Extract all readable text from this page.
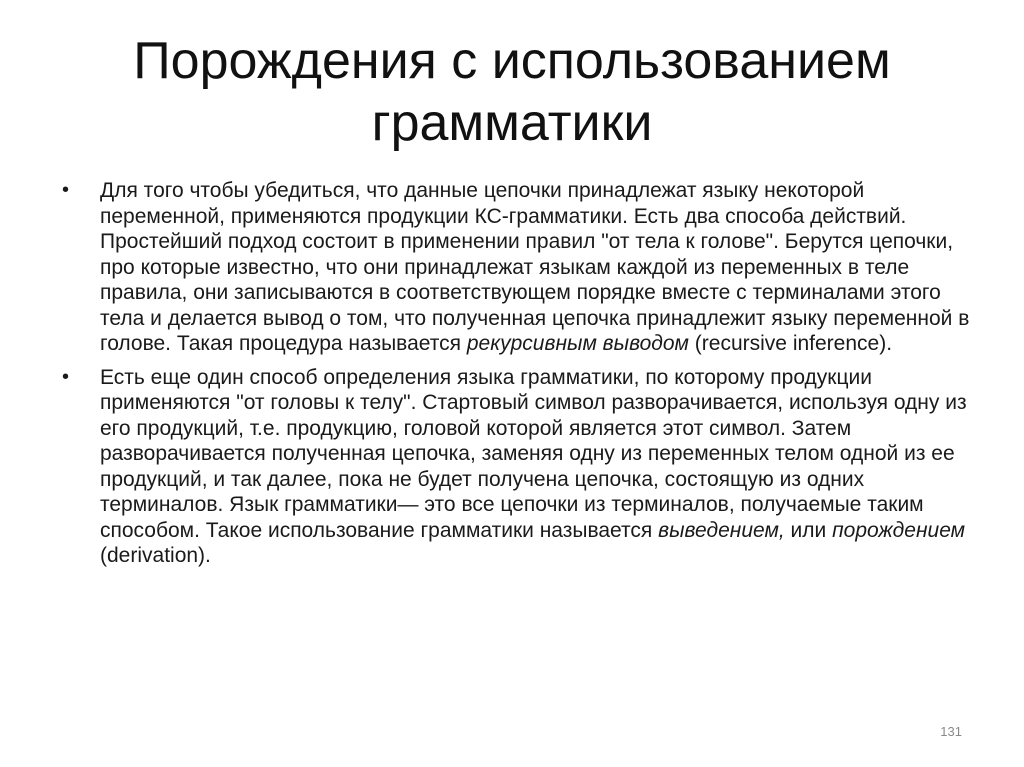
Порождения с использованием
грамматики
• Для того чтобы убедиться, что данные цепочки принадлежат языку некоторой переменной, применяются продукции КС-грамматики. Есть два способа действий. Простейший подход состоит в применении правил "от тела к голове". Берутся цепочки, про которые известно, что они принадлежат языкам каждой из переменных в теле правила, они записываются в соответствующем порядке вместе с терминалами этого тела и делается вывод о том, что полученная цепочка принадлежит языку переменной в голове. Такая процедура называется рекурсивным выводом (recursive inference).
• Есть еще один способ определения языка грамматики, по которому продукции применяются "от головы к телу". Стартовый символ разворачивается, используя одну из его продукций, т.е. продукцию, головой которой является этот символ. Затем разворачивается полученная цепочка, заменяя одну из переменных телом одной из ее продукций, и так далее, пока не будет получена цепочка, состоящую из одних терминалов. Язык грамматики— это все цепочки из терминалов, получаемые таким способом. Такое использование грамматики называется выведением, или порождением (derivation).
131
